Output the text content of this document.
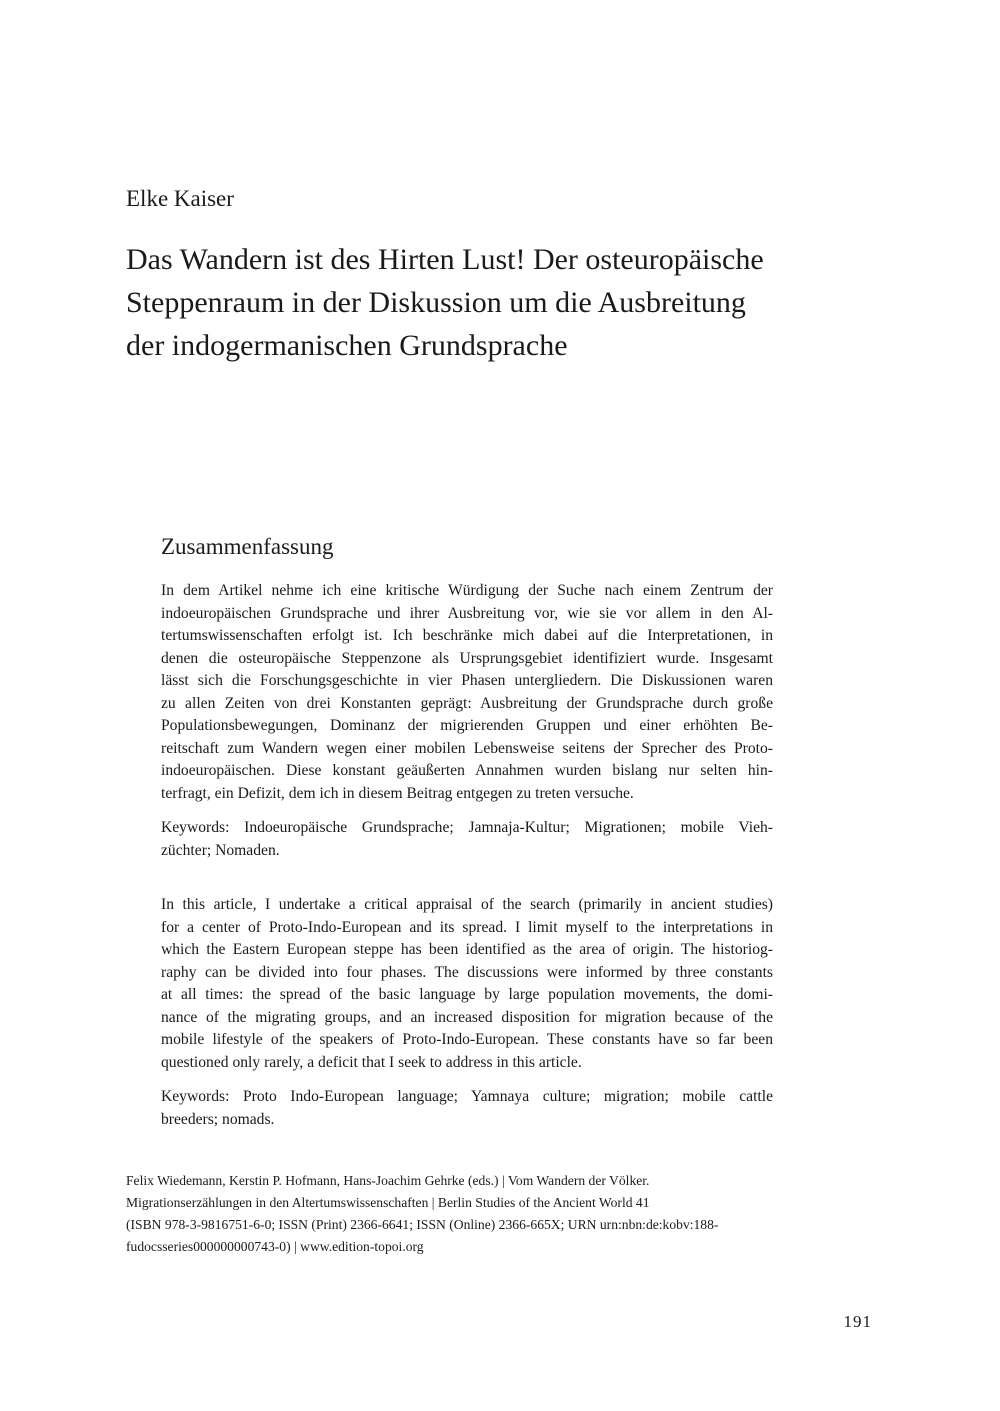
Elke Kaiser

Das Wandern ist des Hirten Lust! Der osteuropäische
Steppenraum in der Diskussion um die Ausbreitung
der indogermanischen Grundsprache
Zusammenfassung

In dem Artikel nehme ich eine kritische Würdigung der Suche nach einem Zentrum der
indoeuropäischen Grundsprache und ihrer Ausbreitung vor, wie sie vor allem in den Al-
tertumswissenschaften erfolgt ist. Ich beschränke mich dabei auf die Interpretationen, in
denen die osteuropäische Steppenzone als Ursprungsgebiet identifiziert wurde. Insgesamt
lässt sich die Forschungsgeschichte in vier Phasen untergliedern. Die Diskussionen waren
zu allen Zeiten von drei Konstanten geprägt: Ausbreitung der Grundsprache durch große
Populationsbewegungen, Dominanz der migrierenden Gruppen und einer erhöhten Be-
reitschaft zum Wandern wegen einer mobilen Lebensweise seitens der Sprecher des Proto-
indoeuropäischen. Diese konstant geäußerten Annahmen wurden bislang nur selten hin-
terfragt, ein Defizit, dem ich in diesem Beitrag entgegen zu treten versuche.

Keywords: Indoeuropäische Grundsprache; Jamnaja-Kultur; Migrationen; mobile Vieh-
züchter; Nomaden.

In this article, I undertake a critical appraisal of the search (primarily in ancient studies)
for a center of Proto-Indo-European and its spread. I limit myself to the interpretations in
which the Eastern European steppe has been identified as the area of origin. The historiog-
raphy can be divided into four phases. The discussions were informed by three constants
at all times: the spread of the basic language by large population movements, the domi-
nance of the migrating groups, and an increased disposition for migration because of the
mobile lifestyle of the speakers of Proto-Indo-European. These constants have so far been
questioned only rarely, a deficit that I seek to address in this article.

Keywords: Proto Indo-European language; Yamnaya culture; migration; mobile cattle
breeders; nomads.

Felix Wiedemann, Kerstin P. Hofmann, Hans-Joachim Gehrke (eds.) | Vom Wandern der Völker.
Migrationserzählungen in den Altertumswissenschaften | Berlin Studies of the Ancient World 41
(ISBN 978-3-9816751-6-0; ISSN (Print) 2366-6641; ISSN (Online) 2366-665X; URN urn:nbn:de:kobv:188-
fudocsseries000000000743-0) | www.edition-topoi.org

191
